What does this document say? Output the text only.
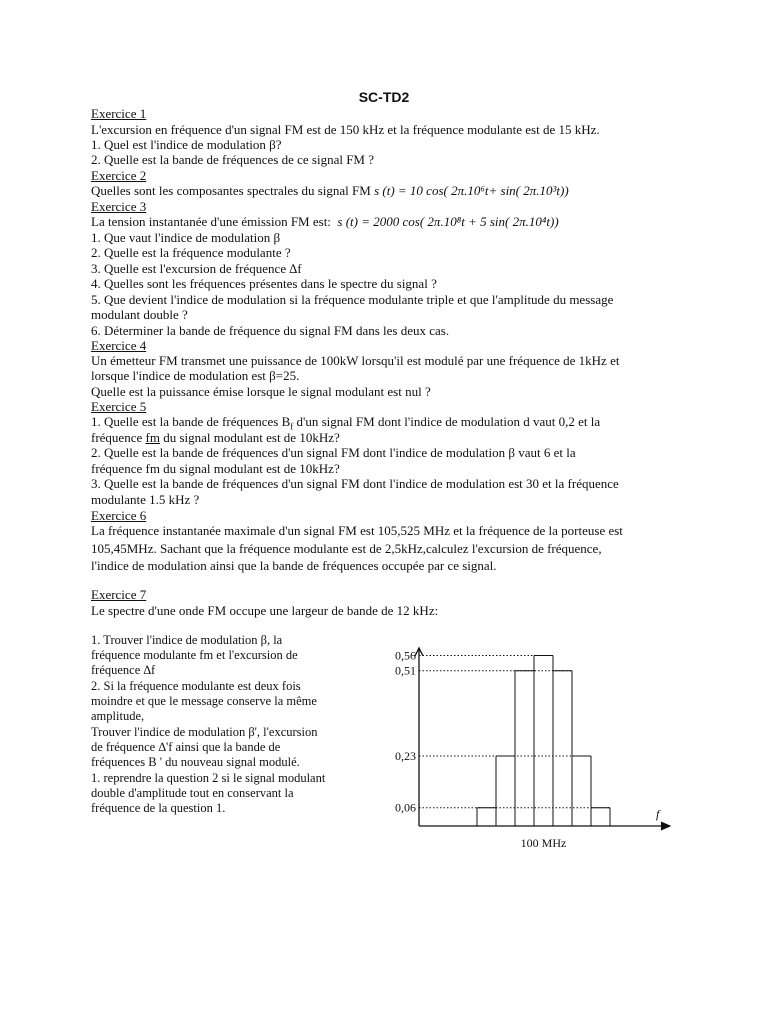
SC-TD2
Exercice 1
L'excursion en fréquence d'un signal FM est de 150 kHz et la fréquence modulante est de 15 kHz.
1. Quel est l'indice de modulation β?
2. Quelle est la bande de fréquences de ce signal FM ?
Exercice 2
Quelles sont les composantes spectrales du signal FM s (t) = 10 cos( 2π.10⁶t+ sin( 2π.10³t))
Exercice 3
La tension instantanée d'une émission FM est: s (t) = 2000 cos( 2π.10⁸t + 5 sin( 2π.10⁴t))
1. Que vaut l'indice de modulation β
2. Quelle est la fréquence modulante ?
3. Quelle est l'excursion de fréquence ∆f
4. Quelles sont les fréquences présentes dans le spectre du signal ?
5. Que devient l'indice de modulation si la fréquence modulante triple et que l'amplitude du message
modulant double ?
6. Déterminer la bande de fréquence du signal FM dans les deux cas.
Exercice 4
Un émetteur FM transmet une puissance de 100kW lorsqu'il est modulé par une fréquence de 1kHz et
lorsque l'indice de modulation est β=25.
Quelle est la puissance émise lorsque le signal modulant est nul ?
Exercice 5
1. Quelle est la bande de fréquences $B_f$ d'un signal FM dont l'indice de modulation d vaut 0,2 et la
fréquence fm du signal modulant est de 10kHz?
2. Quelle est la bande de fréquences d'un signal FM dont l'indice de modulation β vaut 6 et la
fréquence fm du signal modulant est de 10kHz?
3. Quelle est la bande de fréquences d'un signal FM dont l'indice de modulation est 30 et la fréquence
modulante 1.5 kHz ?
Exercice 6
La fréquence instantanée maximale d'un signal FM est 105,525 MHz et la fréquence de la porteuse est
105,45MHz. Sachant que la fréquence modulante est de 2,5kHz,calculez l'excursion de fréquence,
l'indice de modulation ainsi que la bande de fréquences occupée par ce signal.
Exercice 7
Le spectre d'une onde FM occupe une largeur de bande de 12 kHz:
1. Trouver l'indice de modulation β, la
fréquence modulante fm et l'excursion de
fréquence ∆f
2. Si la fréquence modulante est deux fois
moindre et que le message conserve la même
amplitude,
Trouver l'indice de modulation β', l'excursion
de fréquence ∆'f ainsi que la bande de
fréquences B ' du nouveau signal modulé.
1. reprendre la question 2 si le signal modulant
double d'amplitude tout en conservant la
fréquence de la question 1.
0,56
0,51
0,23
0,06	f
100 MHz
